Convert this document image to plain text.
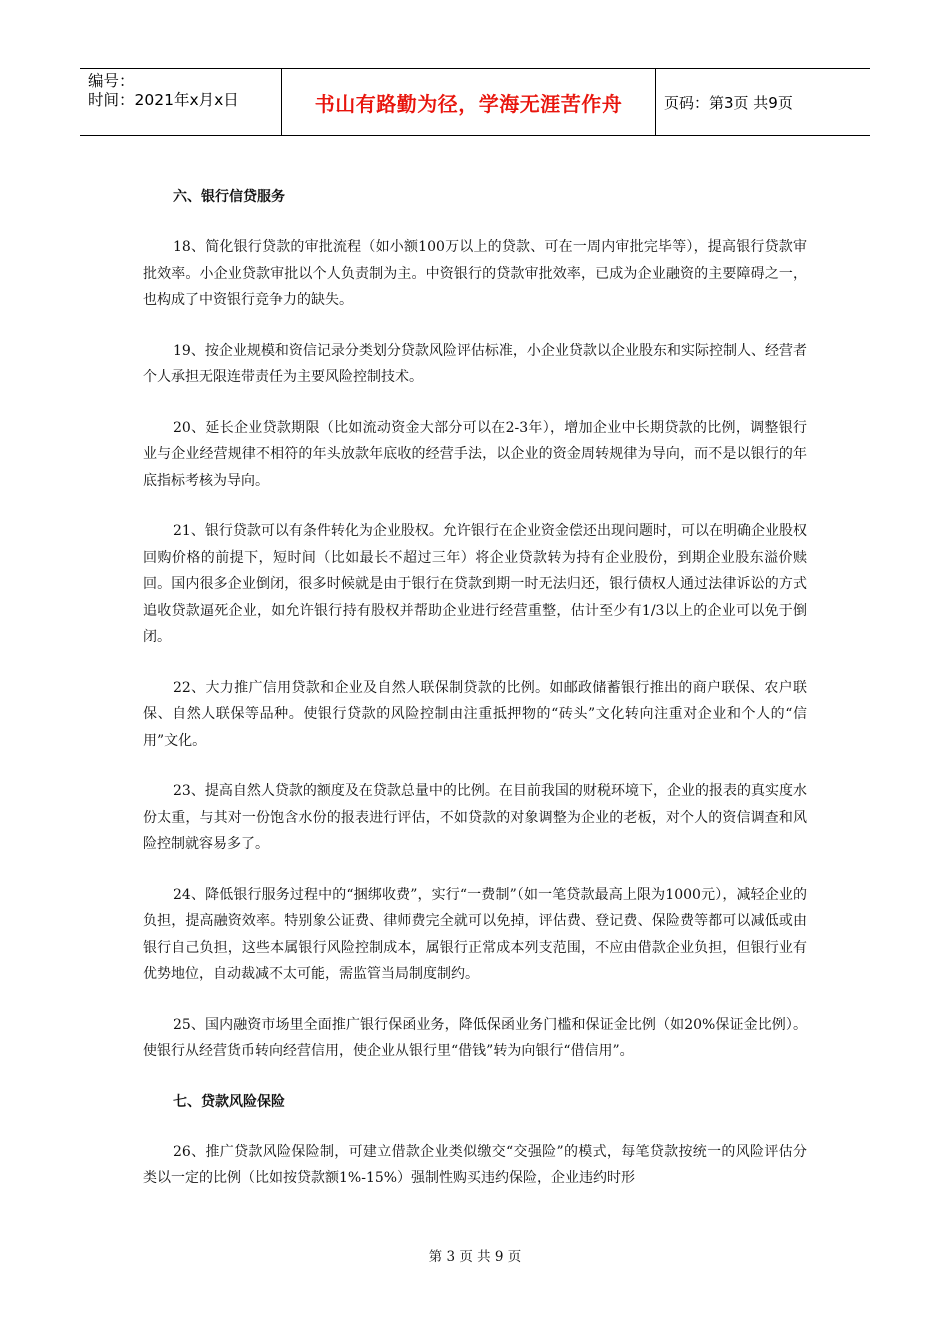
编号：
时间：2021年x月x日	书山有路勤为径，学海无涯苦作舟	页码：第3页 共9页
六、银行信贷服务

18、简化银行贷款的审批流程（如小额100万以上的贷款、可在一周内审批完毕等），提高银行贷款审批效率。小企业贷款审批以个人负责制为主。中资银行的贷款审批效率，已成为企业融资的主要障碍之一，也构成了中资银行竞争力的缺失。

19、按企业规模和资信记录分类划分贷款风险评估标准，小企业贷款以企业股东和实际控制人、经营者个人承担无限连带责任为主要风险控制技术。

20、延长企业贷款期限（比如流动资金大部分可以在2-3年），增加企业中长期贷款的比例，调整银行业与企业经营规律不相符的年头放款年底收的经营手法，以企业的资金周转规律为导向，而不是以银行的年底指标考核为导向。

21、银行贷款可以有条件转化为企业股权。允许银行在企业资金偿还出现问题时，可以在明确企业股权回购价格的前提下，短时间（比如最长不超过三年）将企业贷款转为持有企业股份，到期企业股东溢价赎回。国内很多企业倒闭，很多时候就是由于银行在贷款到期一时无法归还，银行债权人通过法律诉讼的方式追收贷款逼死企业，如允许银行持有股权并帮助企业进行经营重整，估计至少有1/3以上的企业可以免于倒闭。

22、大力推广信用贷款和企业及自然人联保制贷款的比例。如邮政储蓄银行推出的商户联保、农户联保、自然人联保等品种。使银行贷款的风险控制由注重抵押物的“砖头”文化转向注重对企业和个人的“信用”文化。

23、提高自然人贷款的额度及在贷款总量中的比例。在目前我国的财税环境下，企业的报表的真实度水份太重，与其对一份饱含水份的报表进行评估，不如贷款的对象调整为企业的老板，对个人的资信调查和风险控制就容易多了。

24、降低银行服务过程中的“捆绑收费”，实行“一费制”（如一笔贷款最高上限为1000元），减轻企业的负担，提高融资效率。特别象公证费、律师费完全就可以免掉，评估费、登记费、保险费等都可以减低或由银行自己负担，这些本属银行风险控制成本，属银行正常成本列支范围，不应由借款企业负担，但银行业有优势地位，自动裁减不太可能，需监管当局制度制约。

25、国内融资市场里全面推广银行保函业务，降低保函业务门槛和保证金比例（如20%保证金比例）。使银行从经营货币转向经营信用，使企业从银行里“借钱”转为向银行“借信用”。

七、贷款风险保险

26、推广贷款风险保险制，可建立借款企业类似缴交“交强险”的模式，每笔贷款按统一的风险评估分类以一定的比例（比如按贷款额1%-15%）强制性购买违约保险，企业违约时形

第 3 页 共 9 页
